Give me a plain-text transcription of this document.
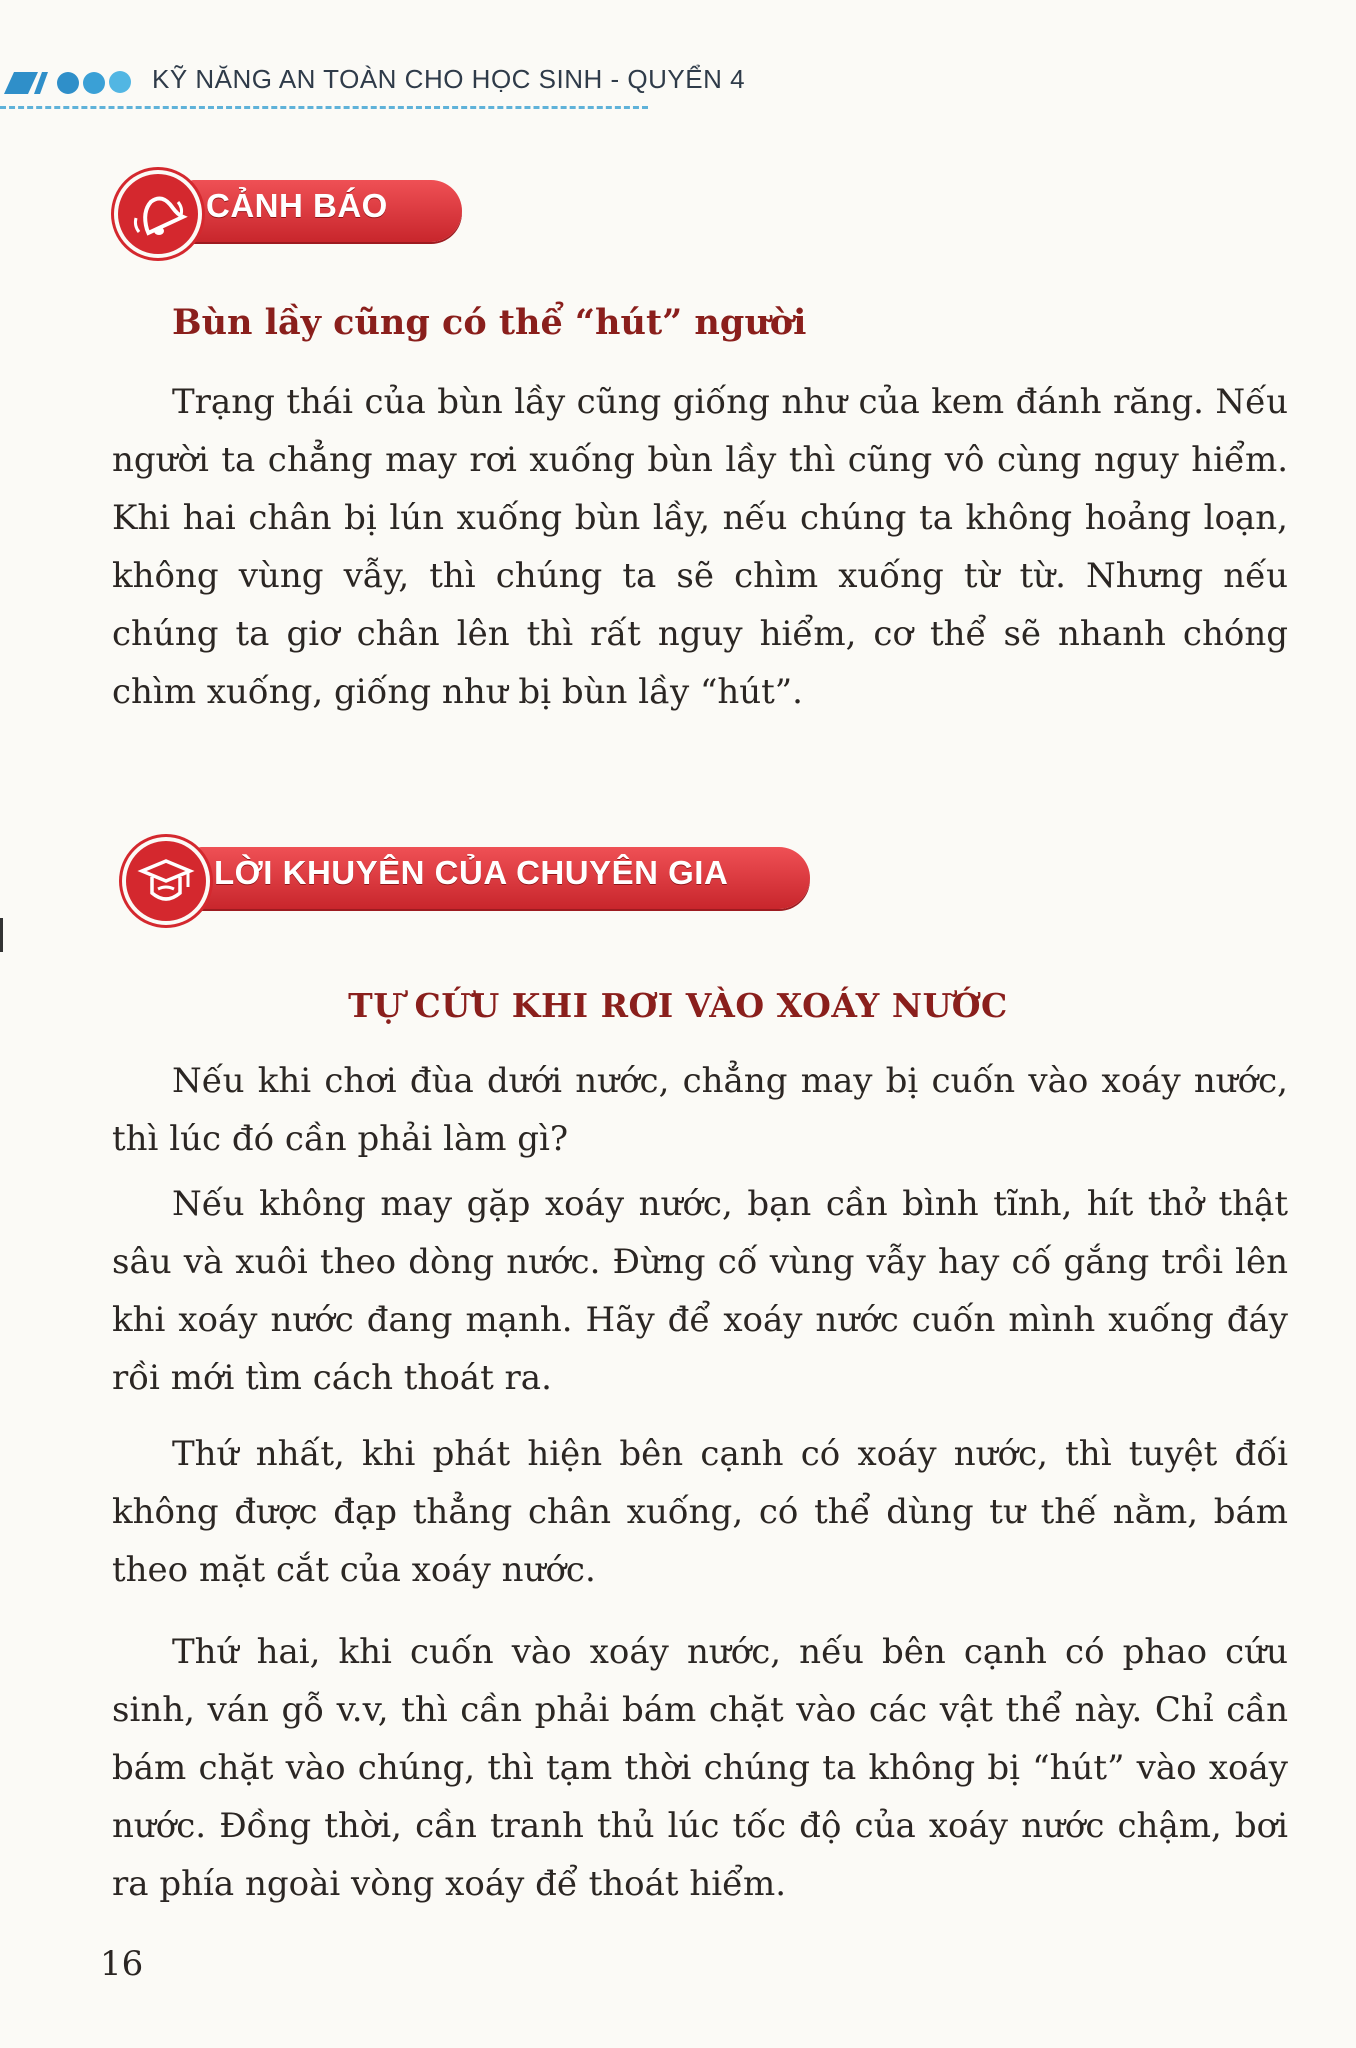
KỸ NĂNG AN TOÀN CHO HỌC SINH - QUYỂN 4
CẢNH BÁO
Bùn lầy cũng có thể “hút” người

Trạng thái của bùn lầy cũng giống như của kem đánh răng. Nếu người ta chẳng may rơi xuống bùn lầy thì cũng vô cùng nguy hiểm. Khi hai chân bị lún xuống bùn lầy, nếu chúng ta không hoảng loạn, không vùng vẫy, thì chúng ta sẽ chìm xuống từ từ. Nhưng nếu chúng ta giơ chân lên thì rất nguy hiểm, cơ thể sẽ nhanh chóng chìm xuống, giống như bị bùn lầy “hút”.

LỜI KHUYÊN CỦA CHUYÊN GIA
TỰ CỨU KHI RƠI VÀO XOÁY NƯỚC

Nếu khi chơi đùa dưới nước, chẳng may bị cuốn vào xoáy nước, thì lúc đó cần phải làm gì?

Nếu không may gặp xoáy nước, bạn cần bình tĩnh, hít thở thật sâu và xuôi theo dòng nước. Đừng cố vùng vẫy hay cố gắng trồi lên khi xoáy nước đang mạnh. Hãy để xoáy nước cuốn mình xuống đáy rồi mới tìm cách thoát ra.

Thứ nhất, khi phát hiện bên cạnh có xoáy nước, thì tuyệt đối không được đạp thẳng chân xuống, có thể dùng tư thế nằm, bám theo mặt cắt của xoáy nước.

Thứ hai, khi cuốn vào xoáy nước, nếu bên cạnh có phao cứu sinh, ván gỗ v.v, thì cần phải bám chặt vào các vật thể này. Chỉ cần bám chặt vào chúng, thì tạm thời chúng ta không bị “hút” vào xoáy nước. Đồng thời, cần tranh thủ lúc tốc độ của xoáy nước chậm, bơi ra phía ngoài vòng xoáy để thoát hiểm.

16
